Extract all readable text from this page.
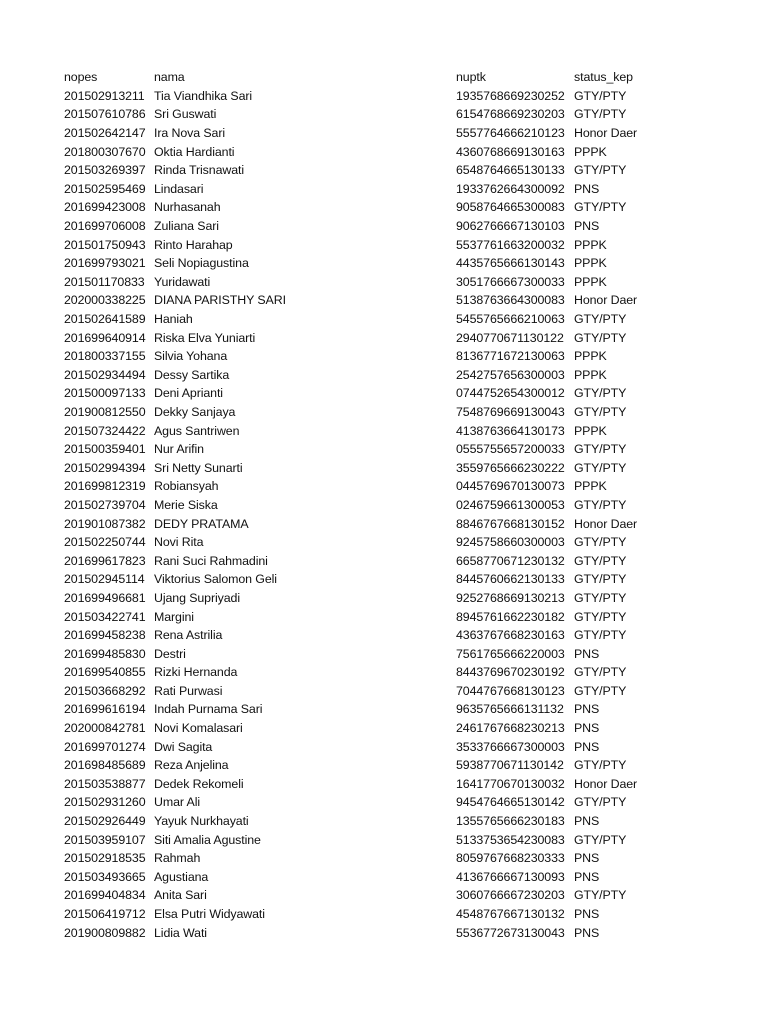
nopes	nama	nuptk	status_kep
201502913211 Tia Viandhika Sari	1935768669230252 GTY/PTY
201507610786 Sri Guswati	6154768669230203 GTY/PTY
201502642147 Ira Nova Sari	5557764666210123 Honor Daer
201800307670 Oktia Hardianti	4360768669130163 PPPK
201503269397 Rinda Trisnawati	6548764665130133 GTY/PTY
201502595469 Lindasari	1933762664300092 PNS
201699423008 Nurhasanah	9058764665300083 GTY/PTY
201699706008 Zuliana Sari	9062766667130103 PNS
201501750943 Rinto Harahap	5537761663200032 PPPK
201699793021 Seli Nopiagustina	4435765666130143 PPPK
201501170833 Yuridawati	3051766667300033 PPPK
202000338225 DIANA PARISTHY SARI	5138763664300083 Honor Daer
201502641589 Haniah	5455765666210063 GTY/PTY
201699640914 Riska Elva Yuniarti	2940770671130122 GTY/PTY
201800337155 Silvia Yohana	8136771672130063 PPPK
201502934494 Dessy Sartika	2542757656300003 PPPK
201500097133 Deni Aprianti	0744752654300012 GTY/PTY
201900812550 Dekky Sanjaya	7548769669130043 GTY/PTY
201507324422 Agus Santriwen	4138763664130173 PPPK
201500359401 Nur Arifin	0555755657200033 GTY/PTY
201502994394 Sri Netty Sunarti	3559765666230222 GTY/PTY
201699812319 Robiansyah	0445769670130073 PPPK
201502739704 Merie Siska	0246759661300053 GTY/PTY
201901087382 DEDY PRATAMA	8846767668130152 Honor Daer
201502250744 Novi Rita	9245758660300003 GTY/PTY
201699617823 Rani Suci Rahmadini	6658770671230132 GTY/PTY
201502945114 Viktorius Salomon Geli	8445760662130133 GTY/PTY
201699496681 Ujang Supriyadi	9252768669130213 GTY/PTY
201503422741 Margini	8945761662230182 GTY/PTY
201699458238 Rena Astrilia	4363767668230163 GTY/PTY
201699485830 Destri	7561765666220003 PNS
201699540855 Rizki Hernanda	8443769670230192 GTY/PTY
201503668292 Rati Purwasi	7044767668130123 GTY/PTY
201699616194 Indah Purnama Sari	9635765666131132 PNS
202000842781 Novi Komalasari	2461767668230213 PNS
201699701274 Dwi Sagita	3533766667300003 PNS
201698485689 Reza Anjelina	5938770671130142 GTY/PTY
201503538877 Dedek Rekomeli	1641770670130032 Honor Daer
201502931260 Umar Ali	9454764665130142 GTY/PTY
201502926449 Yayuk Nurkhayati	1355765666230183 PNS
201503959107 Siti Amalia Agustine	5133753654230083 GTY/PTY
201502918535 Rahmah	8059767668230333 PNS
201503493665 Agustiana	4136766667130093 PNS
201699404834 Anita Sari	3060766667230203 GTY/PTY
201506419712 Elsa Putri Widyawati	4548767667130132 PNS
201900809882 Lidia Wati	5536772673130043 PNS
